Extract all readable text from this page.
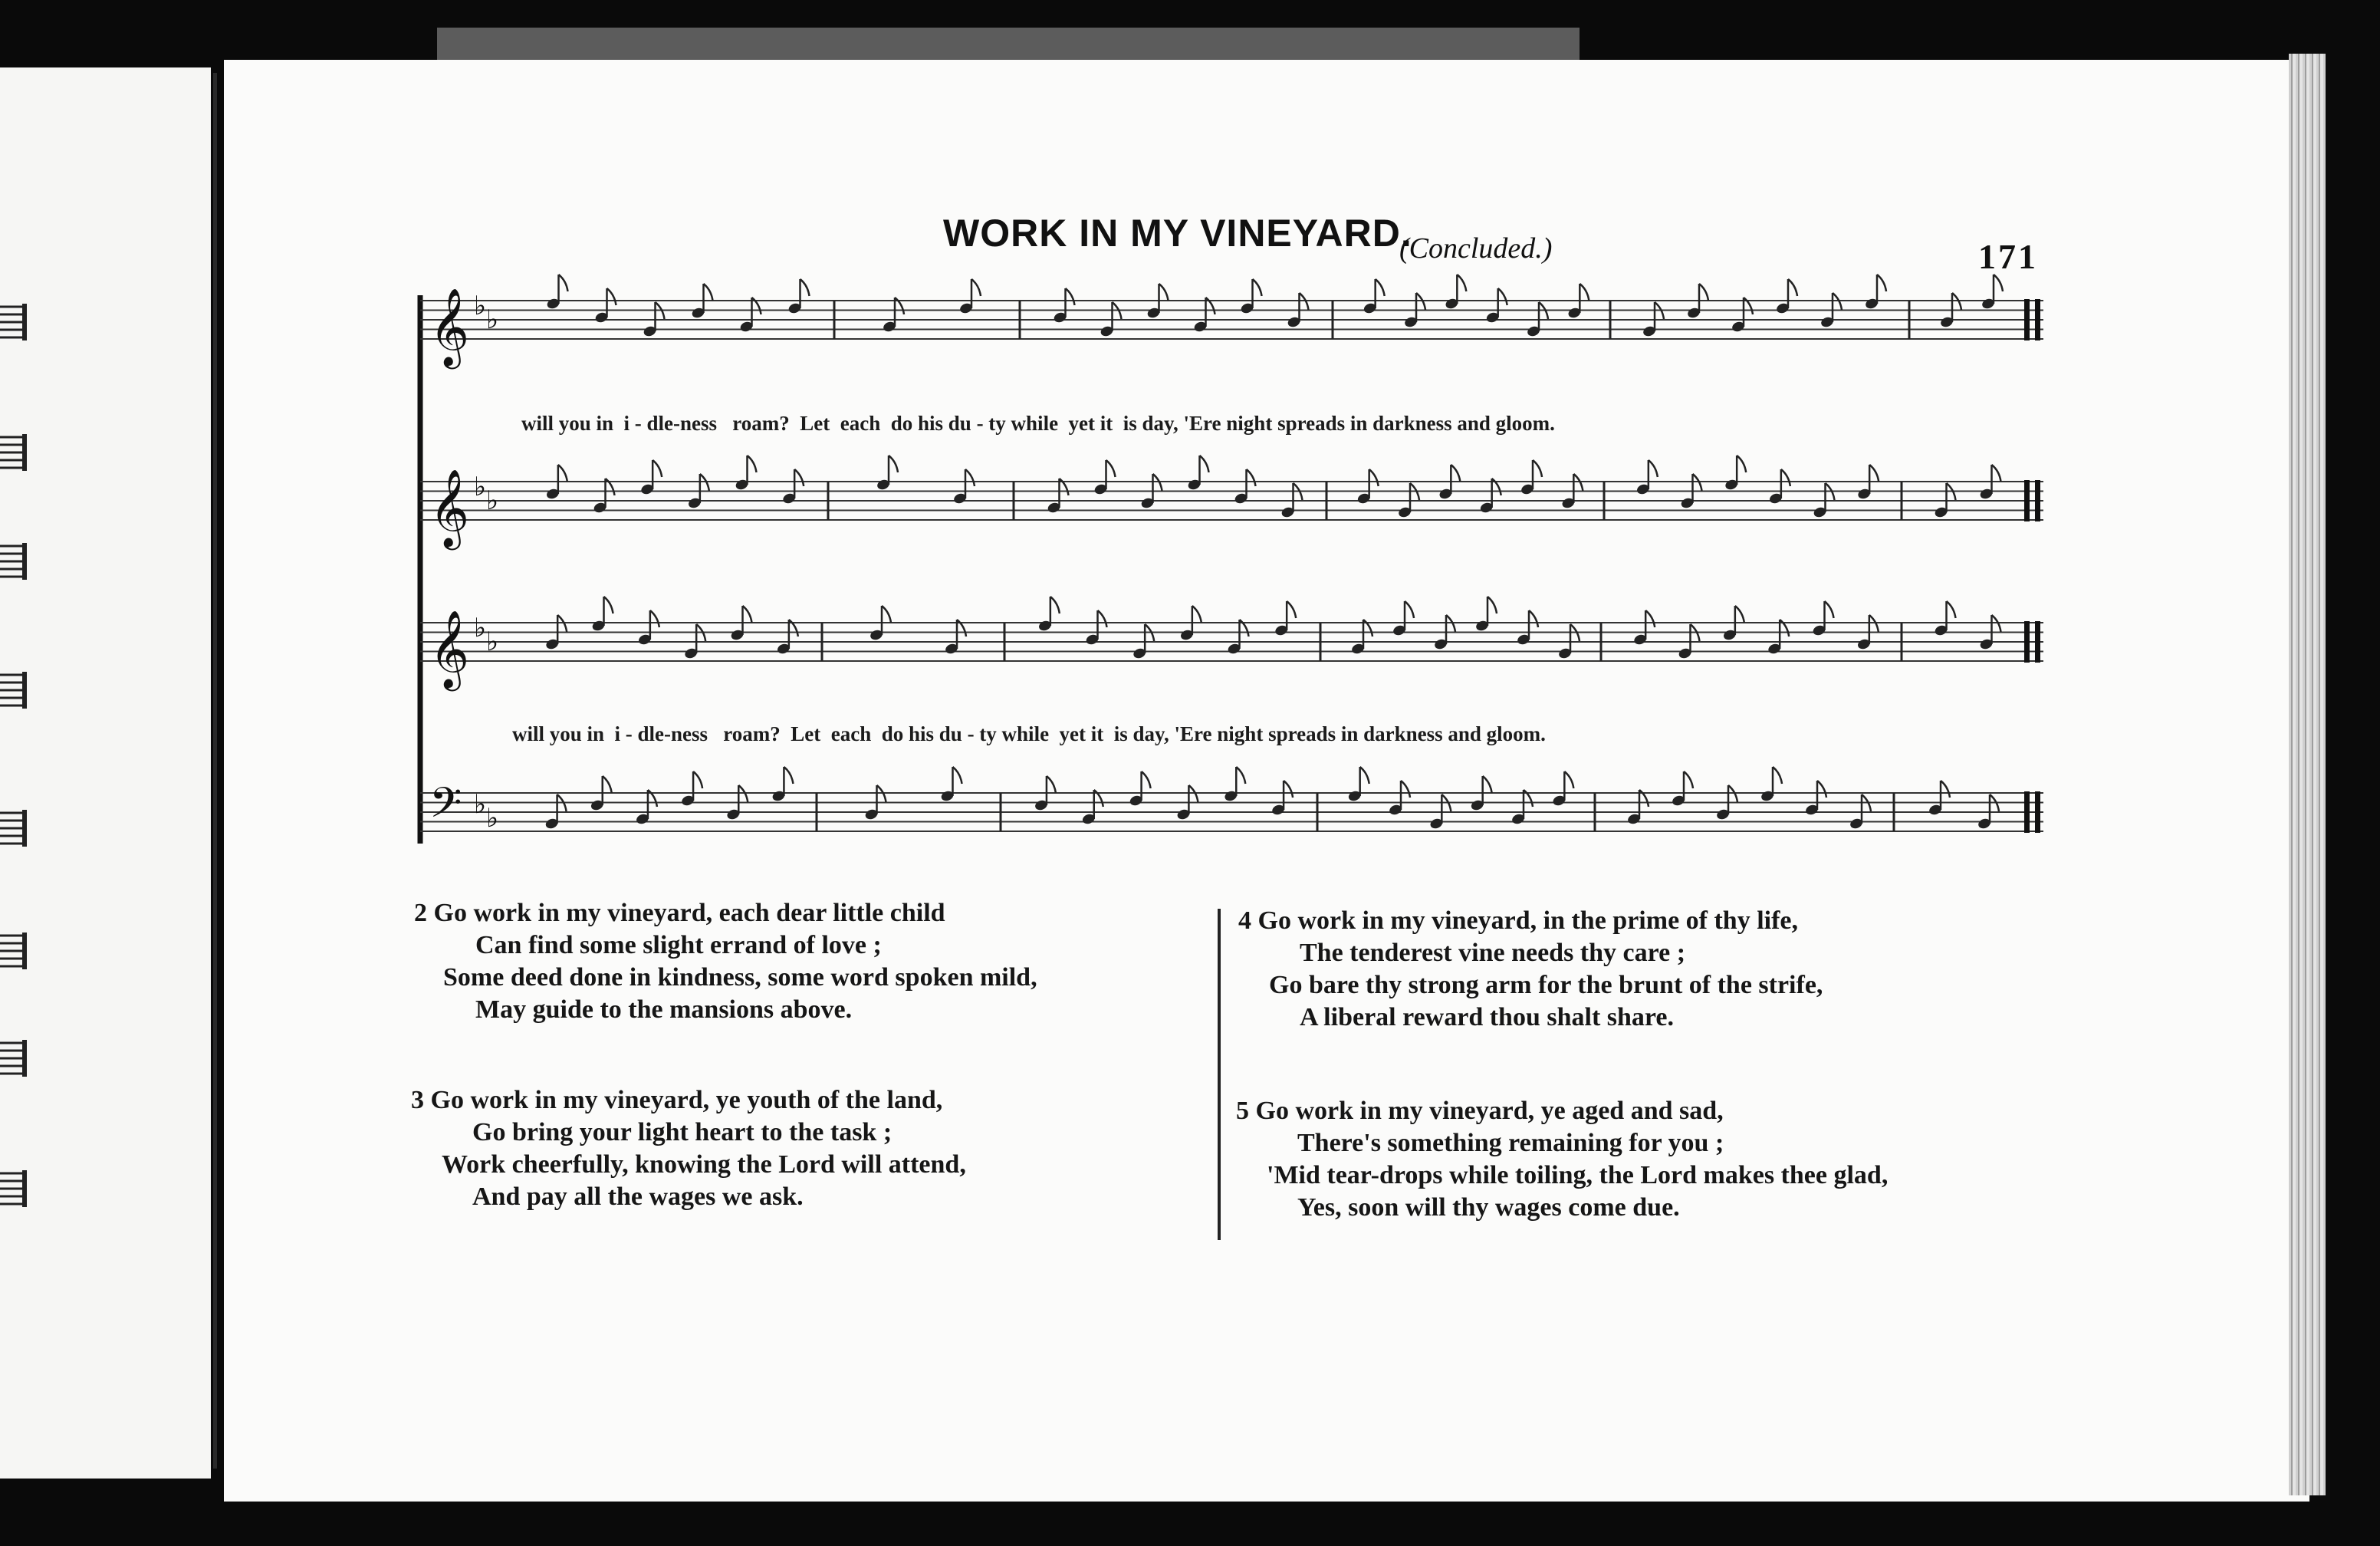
𝄞 ♭ ♭
𝄞 ♭ ♭
𝄞 ♭ ♭
𝄢 ♭ ♭
WORK IN MY VINEYARD.
(Concluded.)	171
will you in  i - dle-ness   roam?  Let  each  do his du - ty while  yet it  is day, 'Ere night spreads in darkness and gloom.
will you in  i - dle-ness   roam?  Let  each  do his du - ty while  yet it  is day, 'Ere night spreads in darkness and gloom.
2 Go work in my vineyard, each dear little child
Can find some slight errand of love ;
Some deed done in kindness, some word spoken mild,
May guide to the mansions above.
3 Go work in my vineyard, ye youth of the land,
Go bring your light heart to the task ;
Work cheerfully, knowing the Lord will attend,
And pay all the wages we ask.
4 Go work in my vineyard, in the prime of thy life,
The tenderest vine needs thy care ;
Go bare thy strong arm for the brunt of the strife,
A liberal reward thou shalt share.
5 Go work in my vineyard, ye aged and sad,
There's something remaining for you ;
'Mid tear-drops while toiling, the Lord makes thee glad,
Yes, soon will thy wages come due.
